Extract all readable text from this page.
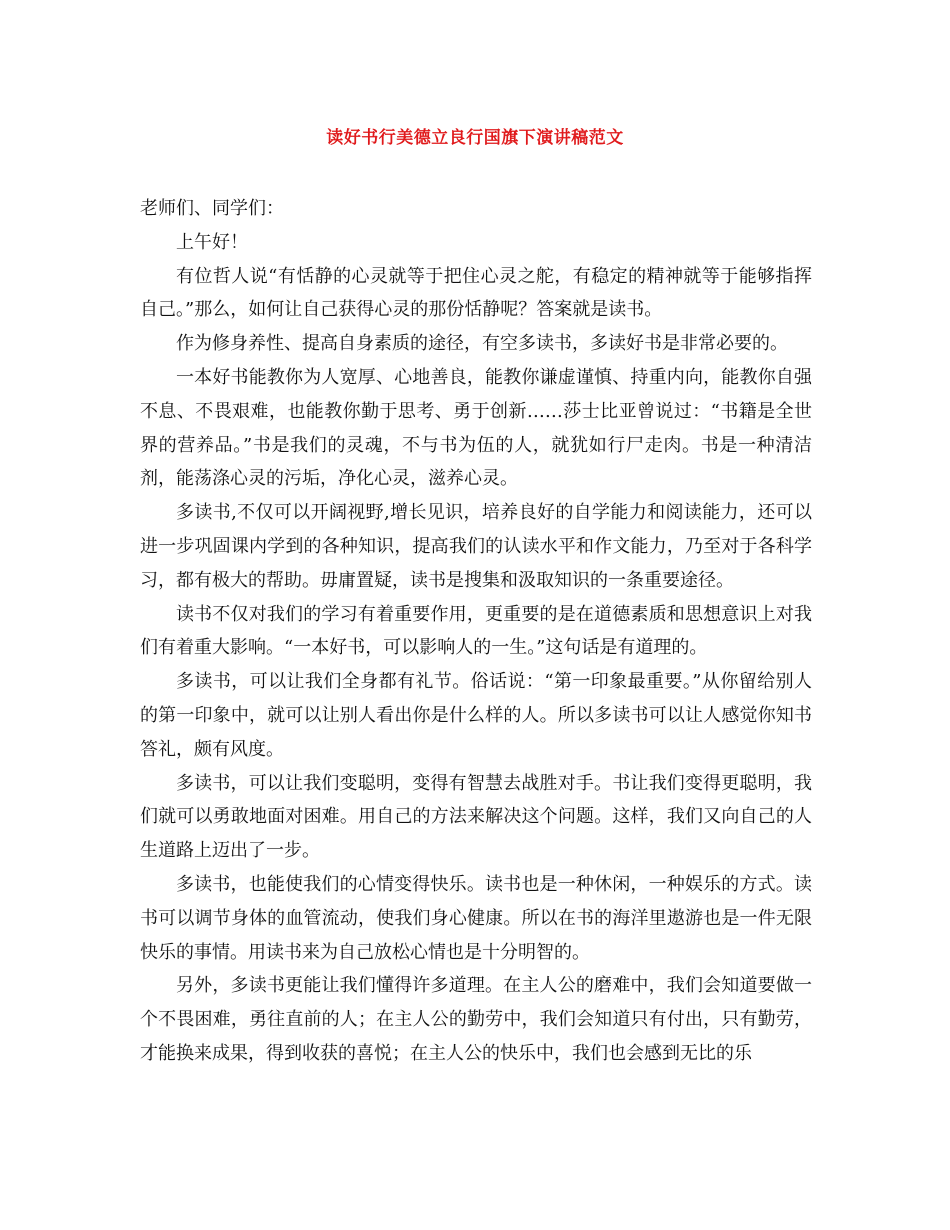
读好书行美德立良行国旗下演讲稿范文

老师们、同学们：

上午好！

有位哲人说“有恬静的心灵就等于把住心灵之舵，有稳定的精神就等于能够指挥自己。”那么，如何让自己获得心灵的那份恬静呢？答案就是读书。

作为修身养性、提高自身素质的途径，有空多读书，多读好书是非常必要的。

一本好书能教你为人宽厚、心地善良，能教你谦虚谨慎、持重内向，能教你自强不息、不畏艰难，也能教你勤于思考、勇于创新……莎士比亚曾说过：“书籍是全世界的营养品。”书是我们的灵魂，不与书为伍的人，就犹如行尸走肉。书是一种清洁剂，能荡涤心灵的污垢，净化心灵，滋养心灵。

多读书,不仅可以开阔视野,增长见识，培养良好的自学能力和阅读能力，还可以进一步巩固课内学到的各种知识，提高我们的认读水平和作文能力，乃至对于各科学习，都有极大的帮助。毋庸置疑，读书是搜集和汲取知识的一条重要途径。

读书不仅对我们的学习有着重要作用，更重要的是在道德素质和思想意识上对我们有着重大影响。“一本好书，可以影响人的一生。”这句话是有道理的。

多读书，可以让我们全身都有礼节。俗话说：“第一印象最重要。”从你留给别人的第一印象中，就可以让别人看出你是什么样的人。所以多读书可以让人感觉你知书答礼，颇有风度。

多读书，可以让我们变聪明，变得有智慧去战胜对手。书让我们变得更聪明，我们就可以勇敢地面对困难。用自己的方法来解决这个问题。这样，我们又向自己的人生道路上迈出了一步。

多读书，也能使我们的心情变得快乐。读书也是一种休闲，一种娱乐的方式。读书可以调节身体的血管流动，使我们身心健康。所以在书的海洋里遨游也是一件无限快乐的事情。用读书来为自己放松心情也是十分明智的。

另外，多读书更能让我们懂得许多道理。在主人公的磨难中，我们会知道要做一个不畏困难，勇往直前的人；在主人公的勤劳中，我们会知道只有付出，只有勤劳，才能换来成果，得到收获的喜悦；在主人公的快乐中，我们也会感到无比的乐
